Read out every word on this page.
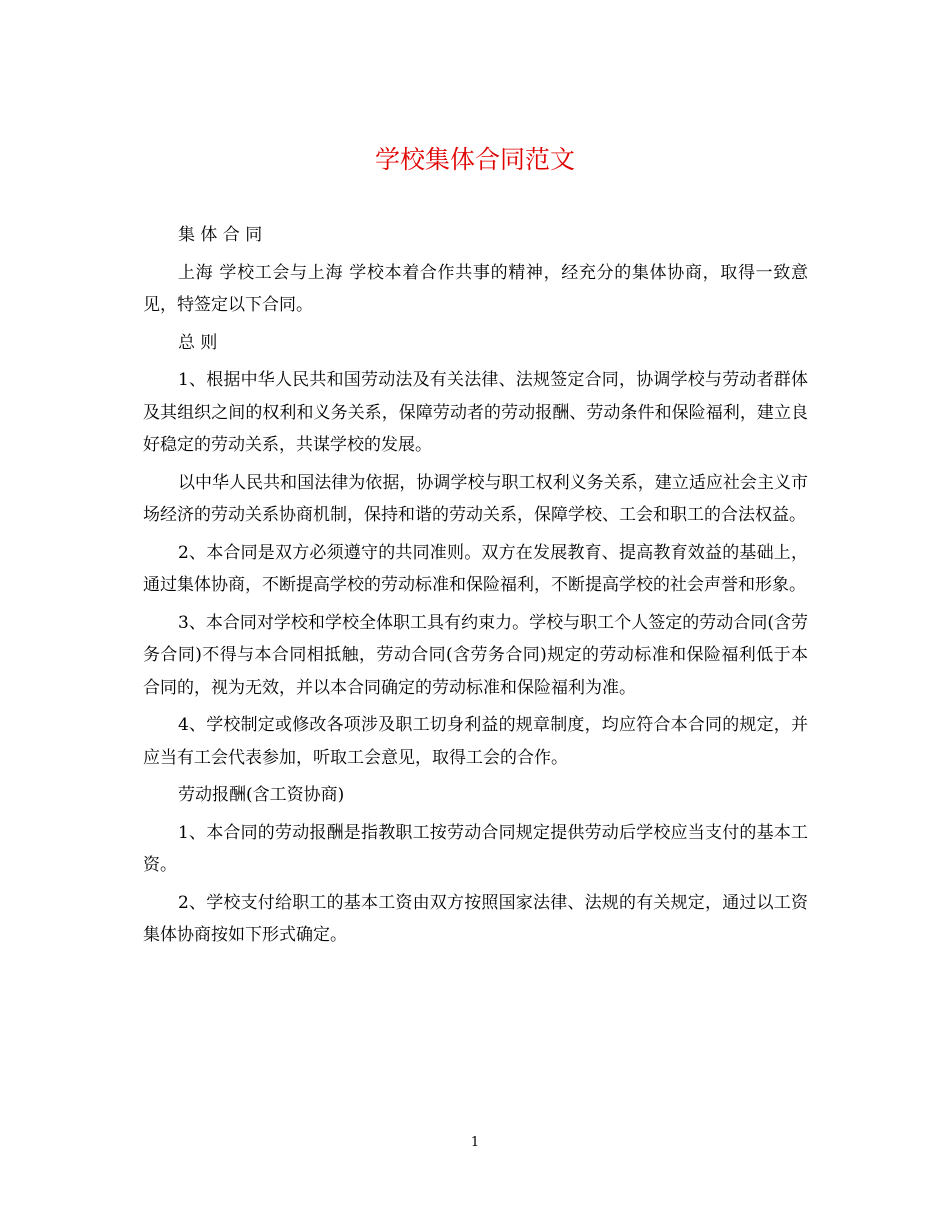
学校集体合同范文

集 体 合 同

上海 学校工会与上海 学校本着合作共事的精神，经充分的集体协商，取得一致意见，特签定以下合同。

总 则

1、根据中华人民共和国劳动法及有关法律、法规签定合同，协调学校与劳动者群体及其组织之间的权利和义务关系，保障劳动者的劳动报酬、劳动条件和保险福利，建立良好稳定的劳动关系，共谋学校的发展。

以中华人民共和国法律为依据，协调学校与职工权利义务关系，建立适应社会主义市场经济的劳动关系协商机制，保持和谐的劳动关系，保障学校、工会和职工的合法权益。

2、本合同是双方必须遵守的共同准则。双方在发展教育、提高教育效益的基础上，通过集体协商，不断提高学校的劳动标准和保险福利，不断提高学校的社会声誉和形象。

3、本合同对学校和学校全体职工具有约束力。学校与职工个人签定的劳动合同(含劳务合同)不得与本合同相抵触，劳动合同(含劳务合同)规定的劳动标准和保险福利低于本合同的，视为无效，并以本合同确定的劳动标准和保险福利为准。

4、学校制定或修改各项涉及职工切身利益的规章制度，均应符合本合同的规定，并应当有工会代表参加，听取工会意见，取得工会的合作。

劳动报酬(含工资协商)

1、本合同的劳动报酬是指教职工按劳动合同规定提供劳动后学校应当支付的基本工资。

2、学校支付给职工的基本工资由双方按照国家法律、法规的有关规定，通过以工资集体协商按如下形式确定。

1
